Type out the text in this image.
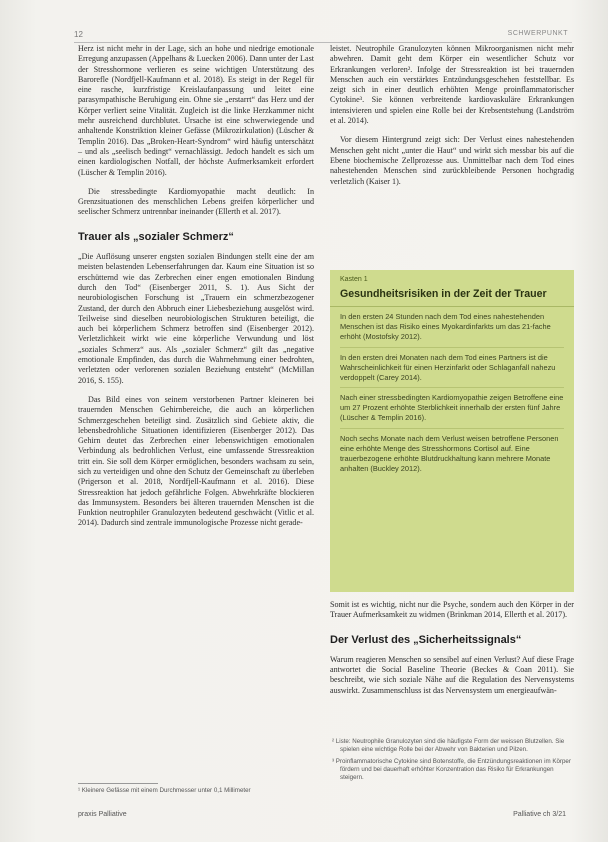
12	SCHWERPUNKT

Herz ist nicht mehr in der Lage, sich an hohe und niedrige emotionale Erregung anzupassen (Appelhans & Luecken 2006). Dann unter der Last der Stresshormone verlieren es seine wichtigen Unterstützung des Barorefle (Nordfjell-Kaufmann et al. 2018). Es steigt in der Regel für eine rasche, kurzfristige Kreislaufanpassung und leitet eine parasympathische Beruhigung ein. Ohne sie „erstarrt“ das Herz und der Körper verliert seine Vitalität. Zugleich ist die linke Herzkammer nicht mehr ausreichend durchblutet. Ursache ist eine schwerwiegende und anhaltende Konstriktion kleiner Gefässe (Mikrozirkulation) (Lüscher & Templin 2016). Das „Broken-Heart-Syndrom“ wird häufig unterschätzt – und als „seelisch bedingt“ vernachlässigt. Jedoch handelt es sich um einen kardiologischen Notfall, der höchste Aufmerksamkeit erfordert (Lüscher & Templin 2016).

Die stressbedingte Kardiomyopathie macht deutlich: In Grenzsituationen des menschlichen Lebens greifen körperlicher und seelischer Schmerz untrennbar ineinander (Ellerth et al. 2017).

Trauer als „sozialer Schmerz“

„Die Auflösung unserer engsten sozialen Bindungen stellt eine der am meisten belastenden Lebenserfahrungen dar. Kaum eine Situation ist so erschütternd wie das Zerbrechen einer engen emotionalen Bindung durch den Tod“ (Eisenberger 2011, S. 1). Aus Sicht der neurobiologischen Forschung ist „Trauern ein schmerzbezogener Zustand, der durch den Abbruch einer Liebesbeziehung ausgelöst wird. Teilweise sind dieselben neurobiologischen Strukturen beteiligt, die auch bei körperlichem Schmerz betroffen sind (Eisenberger 2012). Verletzlichkeit wirkt wie eine körperliche Verwundung und löst „soziales Schmerz“ aus. Als „sozialer Schmerz“ gilt das „negative emotionale Empfinden, das durch die Wahrnehmung einer bedrohten, verletzten oder verlorenen sozialen Beziehung entsteht“ (McMillan 2016, S. 155).

Das Bild eines von seinem verstorbenen Partner kleineren bei trauernden Menschen Gehirnbereiche, die auch an körperlichen Schmerzgeschehen beteiligt sind. Zusätzlich sind Gebiete aktiv, die lebensbedrohliche Situationen identifizieren (Eisenberger 2012). Das Gehirn deutet das Zerbrechen einer lebenswichtigen emotionalen Verbindung als bedrohlichen Verlust, eine umfassende Stressreaktion tritt ein. Sie soll dem Körper ermöglichen, besonders wachsam zu sein, sich zu verteidigen und ohne den Schutz der Gemeinschaft zu überleben (Prigerson et al. 2018, Nordfjell-Kaufmann et al. 2016). Diese Stressreaktion hat jedoch gefährliche Folgen. Abwehrkräfte blockieren das Immunsystem. Besonders bei älteren trauernden Menschen ist die Funktion neutrophiler Granulozyten bedeutend geschwächt (Vitlic et al. 2014). Dadurch sind zentrale immunologische Prozesse nicht gerade-

leistet. Neutrophile Granulozyten können Mikroorganismen nicht mehr abwehren. Damit geht dem Körper ein wesentlicher Schutz vor Erkrankungen verloren². Infolge der Stressreaktion ist bei trauernden Menschen auch ein verstärktes Entzündungsgeschehen feststellbar. Es zeigt sich in einer deutlich erhöhten Menge proinflammatorischer Cytokine³. Sie können verbreitende kardiovaskuläre Erkrankungen intensivieren und spielen eine Rolle bei der Krebsentstehung (Landström et al. 2014).

Vor diesem Hintergrund zeigt sich: Der Verlust eines nahestehenden Menschen geht nicht „unter die Haut“ und wirkt sich messbar bis auf die Ebene biochemische Zellprozesse aus. Unmittelbar nach dem Tod eines nahestehenden Menschen sind zurückbleibende Personen hochgradig verletzlich (Kaiser 1).

Kasten 1
Gesundheitsrisiken in der Zeit der Trauer

In den ersten 24 Stunden nach dem Tod eines nahestehenden Menschen ist das Risiko eines Myokardinfarkts um das 21-fache erhöht (Mostofsky 2012).

In den ersten drei Monaten nach dem Tod eines Partners ist die Wahrscheinlichkeit für einen Herzinfarkt oder Schlaganfall nahezu verdoppelt (Carey 2014).

Nach einer stressbedingten Kardiomyopathie zeigen Betroffene eine um 27 Prozent erhöhte Sterblichkeit innerhalb der ersten fünf Jahre (Lüscher & Templin 2016).

Noch sechs Monate nach dem Verlust weisen betroffene Personen eine erhöhte Menge des Stresshormons Cortisol auf. Eine trauerbezogene erhöhte Blutdruckhaltung kann mehrere Monate anhalten (Buckley 2012).

Somit ist es wichtig, nicht nur die Psyche, sondern auch den Körper in der Trauer Aufmerksamkeit zu widmen (Brinkman 2014, Ellerth et al. 2017).

Der Verlust des „Sicherheitssignals“

Warum reagieren Menschen so sensibel auf einen Verlust? Auf diese Frage antwortet die Social Baseline Theorie (Beckes & Coan 2011). Sie beschreibt, wie sich soziale Nähe auf die Regulation des Nervensystems auswirkt. Zusammenschluss ist das Nervensystem um energieaufwän-

² Liste: Neutrophile Granulozyten sind die häufigste Form der weissen Blutzellen. Sie spielen eine wichtige Rolle bei der Abwehr von Bakterien und Pilzen.

³ Proinflammatorische Cytokine sind Botenstoffe, die Entzündungsreaktionen im Körper fördern und bei dauerhaft erhöhter Konzentration das Risiko für Erkrankungen steigern.

¹ Kleinere Gefässe mit einem Durchmesser unter 0,1 Millimeter
praxis Palliative	Palliative ch 3/21
